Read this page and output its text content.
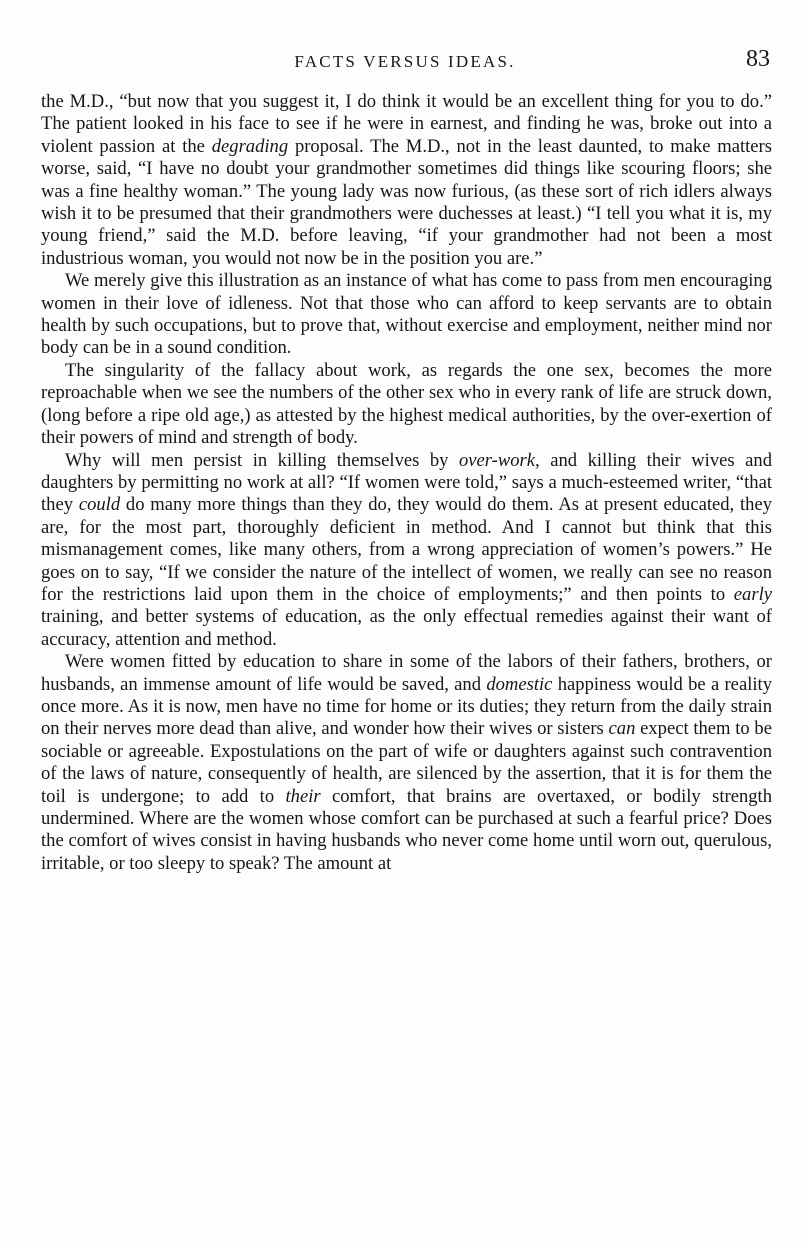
FACTS VERSUS IDEAS.	83

the M.D., “but now that you suggest it, I do think it would be an excellent thing for you to do.” The patient looked in his face to see if he were in earnest, and finding he was, broke out into a violent passion at the degrading proposal. The M.D., not in the least daunted, to make matters worse, said, “I have no doubt your grandmother sometimes did things like scouring floors; she was a fine healthy woman.” The young lady was now furious, (as these sort of rich idlers always wish it to be presumed that their grandmothers were duchesses at least.) “I tell you what it is, my young friend,” said the M.D. before leaving, “if your grandmother had not been a most industrious woman, you would not now be in the position you are.”

We merely give this illustration as an instance of what has come to pass from men encouraging women in their love of idleness. Not that those who can afford to keep servants are to obtain health by such occupations, but to prove that, without exercise and employment, neither mind nor body can be in a sound condition.

The singularity of the fallacy about work, as regards the one sex, becomes the more reproachable when we see the numbers of the other sex who in every rank of life are struck down, (long before a ripe old age,) as attested by the highest medical authorities, by the over-exertion of their powers of mind and strength of body.

Why will men persist in killing themselves by over-work, and killing their wives and daughters by permitting no work at all? “If women were told,” says a much-esteemed writer, “that they could do many more things than they do, they would do them. As at present educated, they are, for the most part, thoroughly deficient in method. And I cannot but think that this mismanagement comes, like many others, from a wrong appreciation of women’s powers.” He goes on to say, “If we consider the nature of the intellect of women, we really can see no reason for the restrictions laid upon them in the choice of employments;” and then points to early training, and better systems of education, as the only effectual remedies against their want of accuracy, attention and method.

Were women fitted by education to share in some of the labors of their fathers, brothers, or husbands, an immense amount of life would be saved, and domestic happiness would be a reality once more. As it is now, men have no time for home or its duties; they return from the daily strain on their nerves more dead than alive, and wonder how their wives or sisters can expect them to be sociable or agreeable. Expostulations on the part of wife or daughters against such contravention of the laws of nature, consequently of health, are silenced by the assertion, that it is for them the toil is undergone; to add to their comfort, that brains are overtaxed, or bodily strength undermined. Where are the women whose comfort can be purchased at such a fearful price? Does the comfort of wives consist in having husbands who never come home until worn out, querulous, irritable, or too sleepy to speak? The amount at
